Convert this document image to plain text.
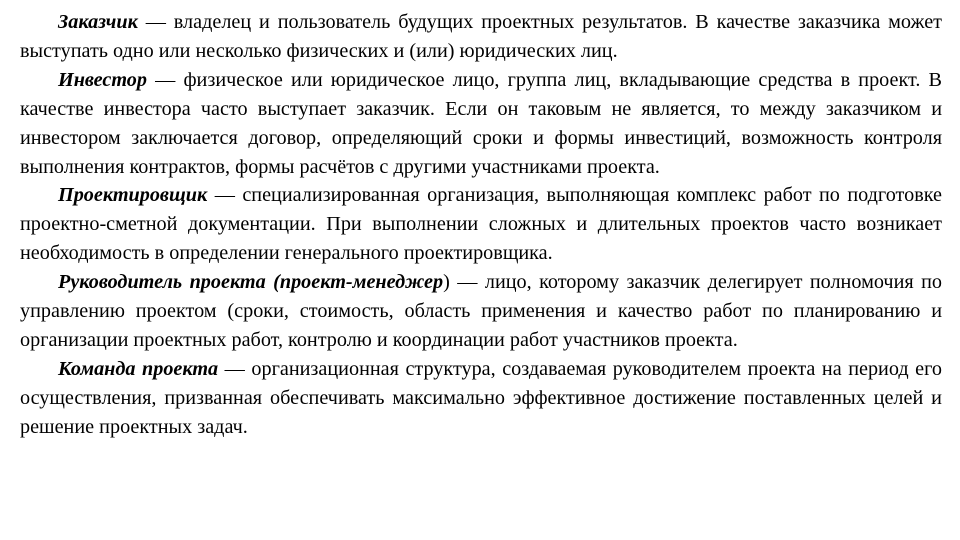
Заказчик — владелец и пользователь будущих проектных результатов. В качестве заказчика может выступать одно или несколько физических и (или) юридических лиц.

Инвестор — физическое или юридическое лицо, группа лиц, вкладывающие средства в проект. В качестве инвестора часто выступает заказчик. Если он таковым не является, то между заказчиком и инвестором заключается договор, определяющий сроки и формы инвестиций, возможность контроля выполнения контрактов, формы расчётов с другими участниками проекта.

Проектировщик — специализированная организация, выполняющая комплекс работ по подготовке проектно-сметной документации. При выполнении сложных и длительных проектов часто возникает необходимость в определении генерального проектировщика.

Руководитель проекта (проект-менеджер) — лицо, которому заказчик делегирует полномочия по управлению проектом (сроки, стоимость, область применения и качество работ по планированию и организации проектных работ, контролю и координации работ участников проекта.

Команда проекта — организационная структура, создаваемая руководителем проекта на период его осуществления, призванная обеспечивать максимально эффективное достижение поставленных целей и решение проектных задач.
